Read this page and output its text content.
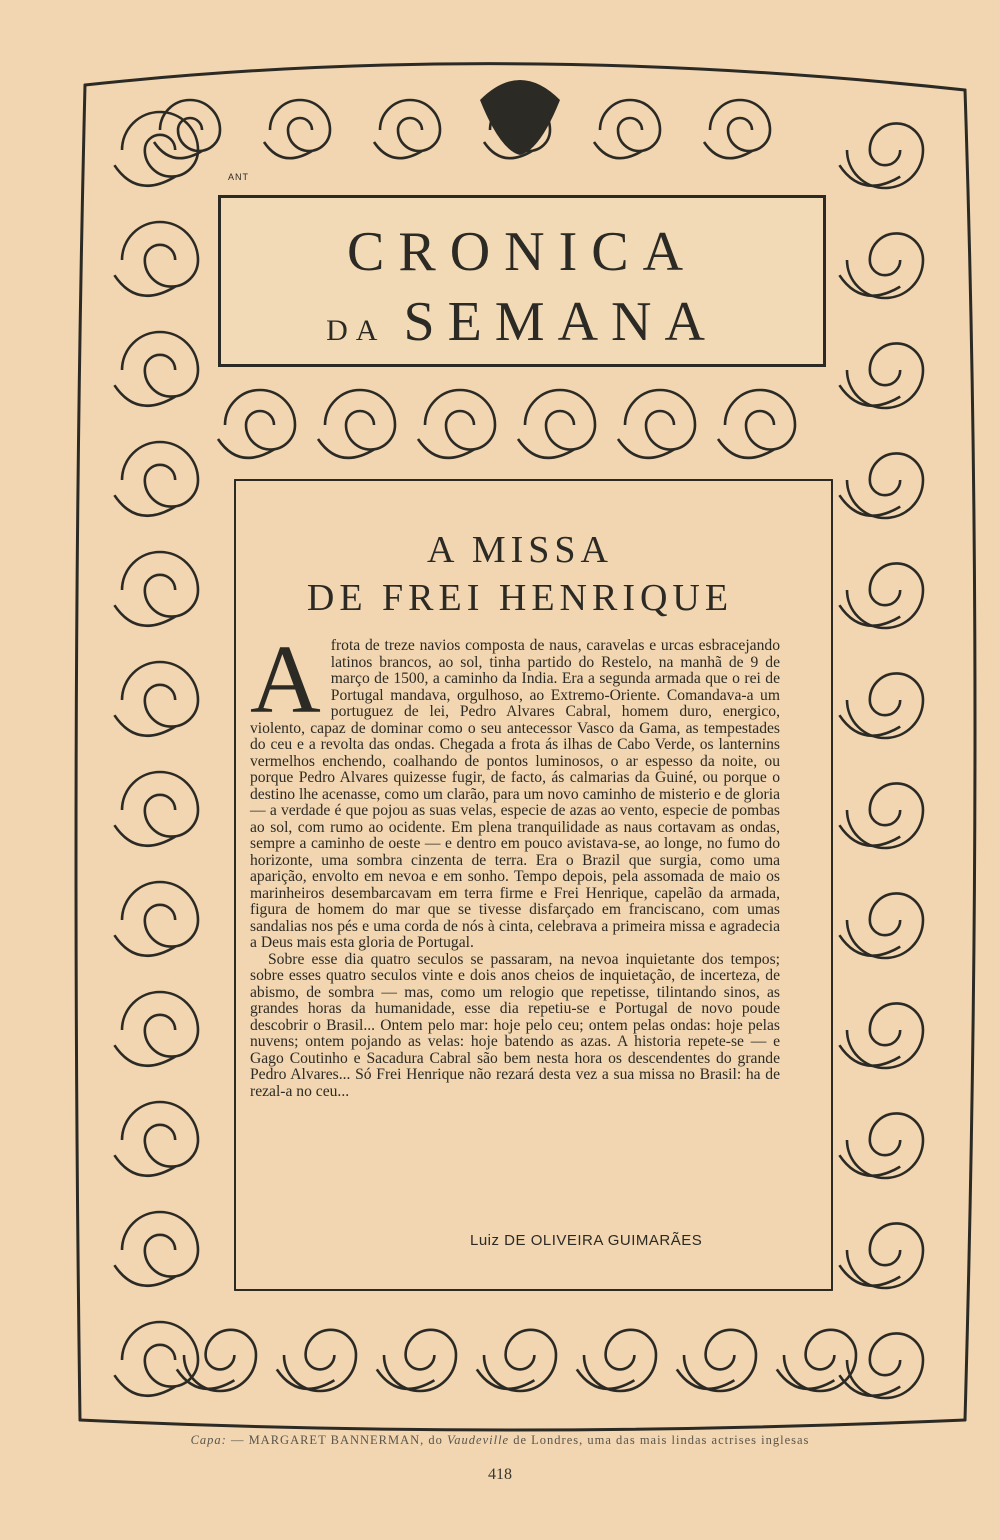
ANT
CRONICA
DA SEMANA
A MISSA
DE FREI HENRIQUE

Afrota de treze navios composta de naus, caravelas e urcas esbracejando latinos brancos, ao sol, tinha partido do Restelo, na manhã de 9 de março de 1500, a caminho da India. Era a segunda armada que o rei de Portugal mandava, orgulhoso, ao Extremo-Oriente. Comandava-a um portuguez de lei, Pedro Alvares Cabral, homem duro, energico, violento, capaz de dominar como o seu antecessor Vasco da Gama, as tempestades do ceu e a revolta das ondas. Chegada a frota ás ilhas de Cabo Verde, os lanternins vermelhos enchendo, coalhando de pontos luminosos, o ar espesso da noite, ou porque Pedro Alvares quizesse fugir, de facto, ás calmarias da Guiné, ou porque o destino lhe acenasse, como um clarão, para um novo caminho de misterio e de gloria — a verdade é que pojou as suas velas, especie de azas ao vento, especie de pombas ao sol, com rumo ao ocidente. Em plena tranquilidade as naus cortavam as ondas, sempre a caminho de oeste — e dentro em pouco avistava-se, ao longe, no fumo do horizonte, uma sombra cinzenta de terra. Era o Brazil que surgia, como uma aparição, envolto em nevoa e em sonho. Tempo depois, pela assomada de maio os marinheiros desembarcavam em terra firme e Frei Henrique, capelão da armada, figura de homem do mar que se tivesse disfarçado em franciscano, com umas sandalias nos pés e uma corda de nós à cinta, celebrava a primeira missa e agradecia a Deus mais esta gloria de Portugal.

Sobre esse dia quatro seculos se passaram, na nevoa inquietante dos tempos; sobre esses quatro seculos vinte e dois anos cheios de inquietação, de incerteza, de abismo, de sombra — mas, como um relogio que repetisse, tilintando sinos, as grandes horas da humanidade, esse dia repetiu-se e Portugal de novo poude descobrir o Brasil... Ontem pelo mar: hoje pelo ceu; ontem pelas ondas: hoje pelas nuvens; ontem pojando as velas: hoje batendo as azas. A historia repete-se — e Gago Coutinho e Sacadura Cabral são bem nesta hora os descendentes do grande Pedro Alvares... Só Frei Henrique não rezará desta vez a sua missa no Brasil: ha de rezal-a no ceu...

Luiz DE OLIVEIRA GUIMARÃES
Capa: — MARGARET BANNERMAN, do Vaudeville de Londres, uma das mais lindas actrises inglesas
418
